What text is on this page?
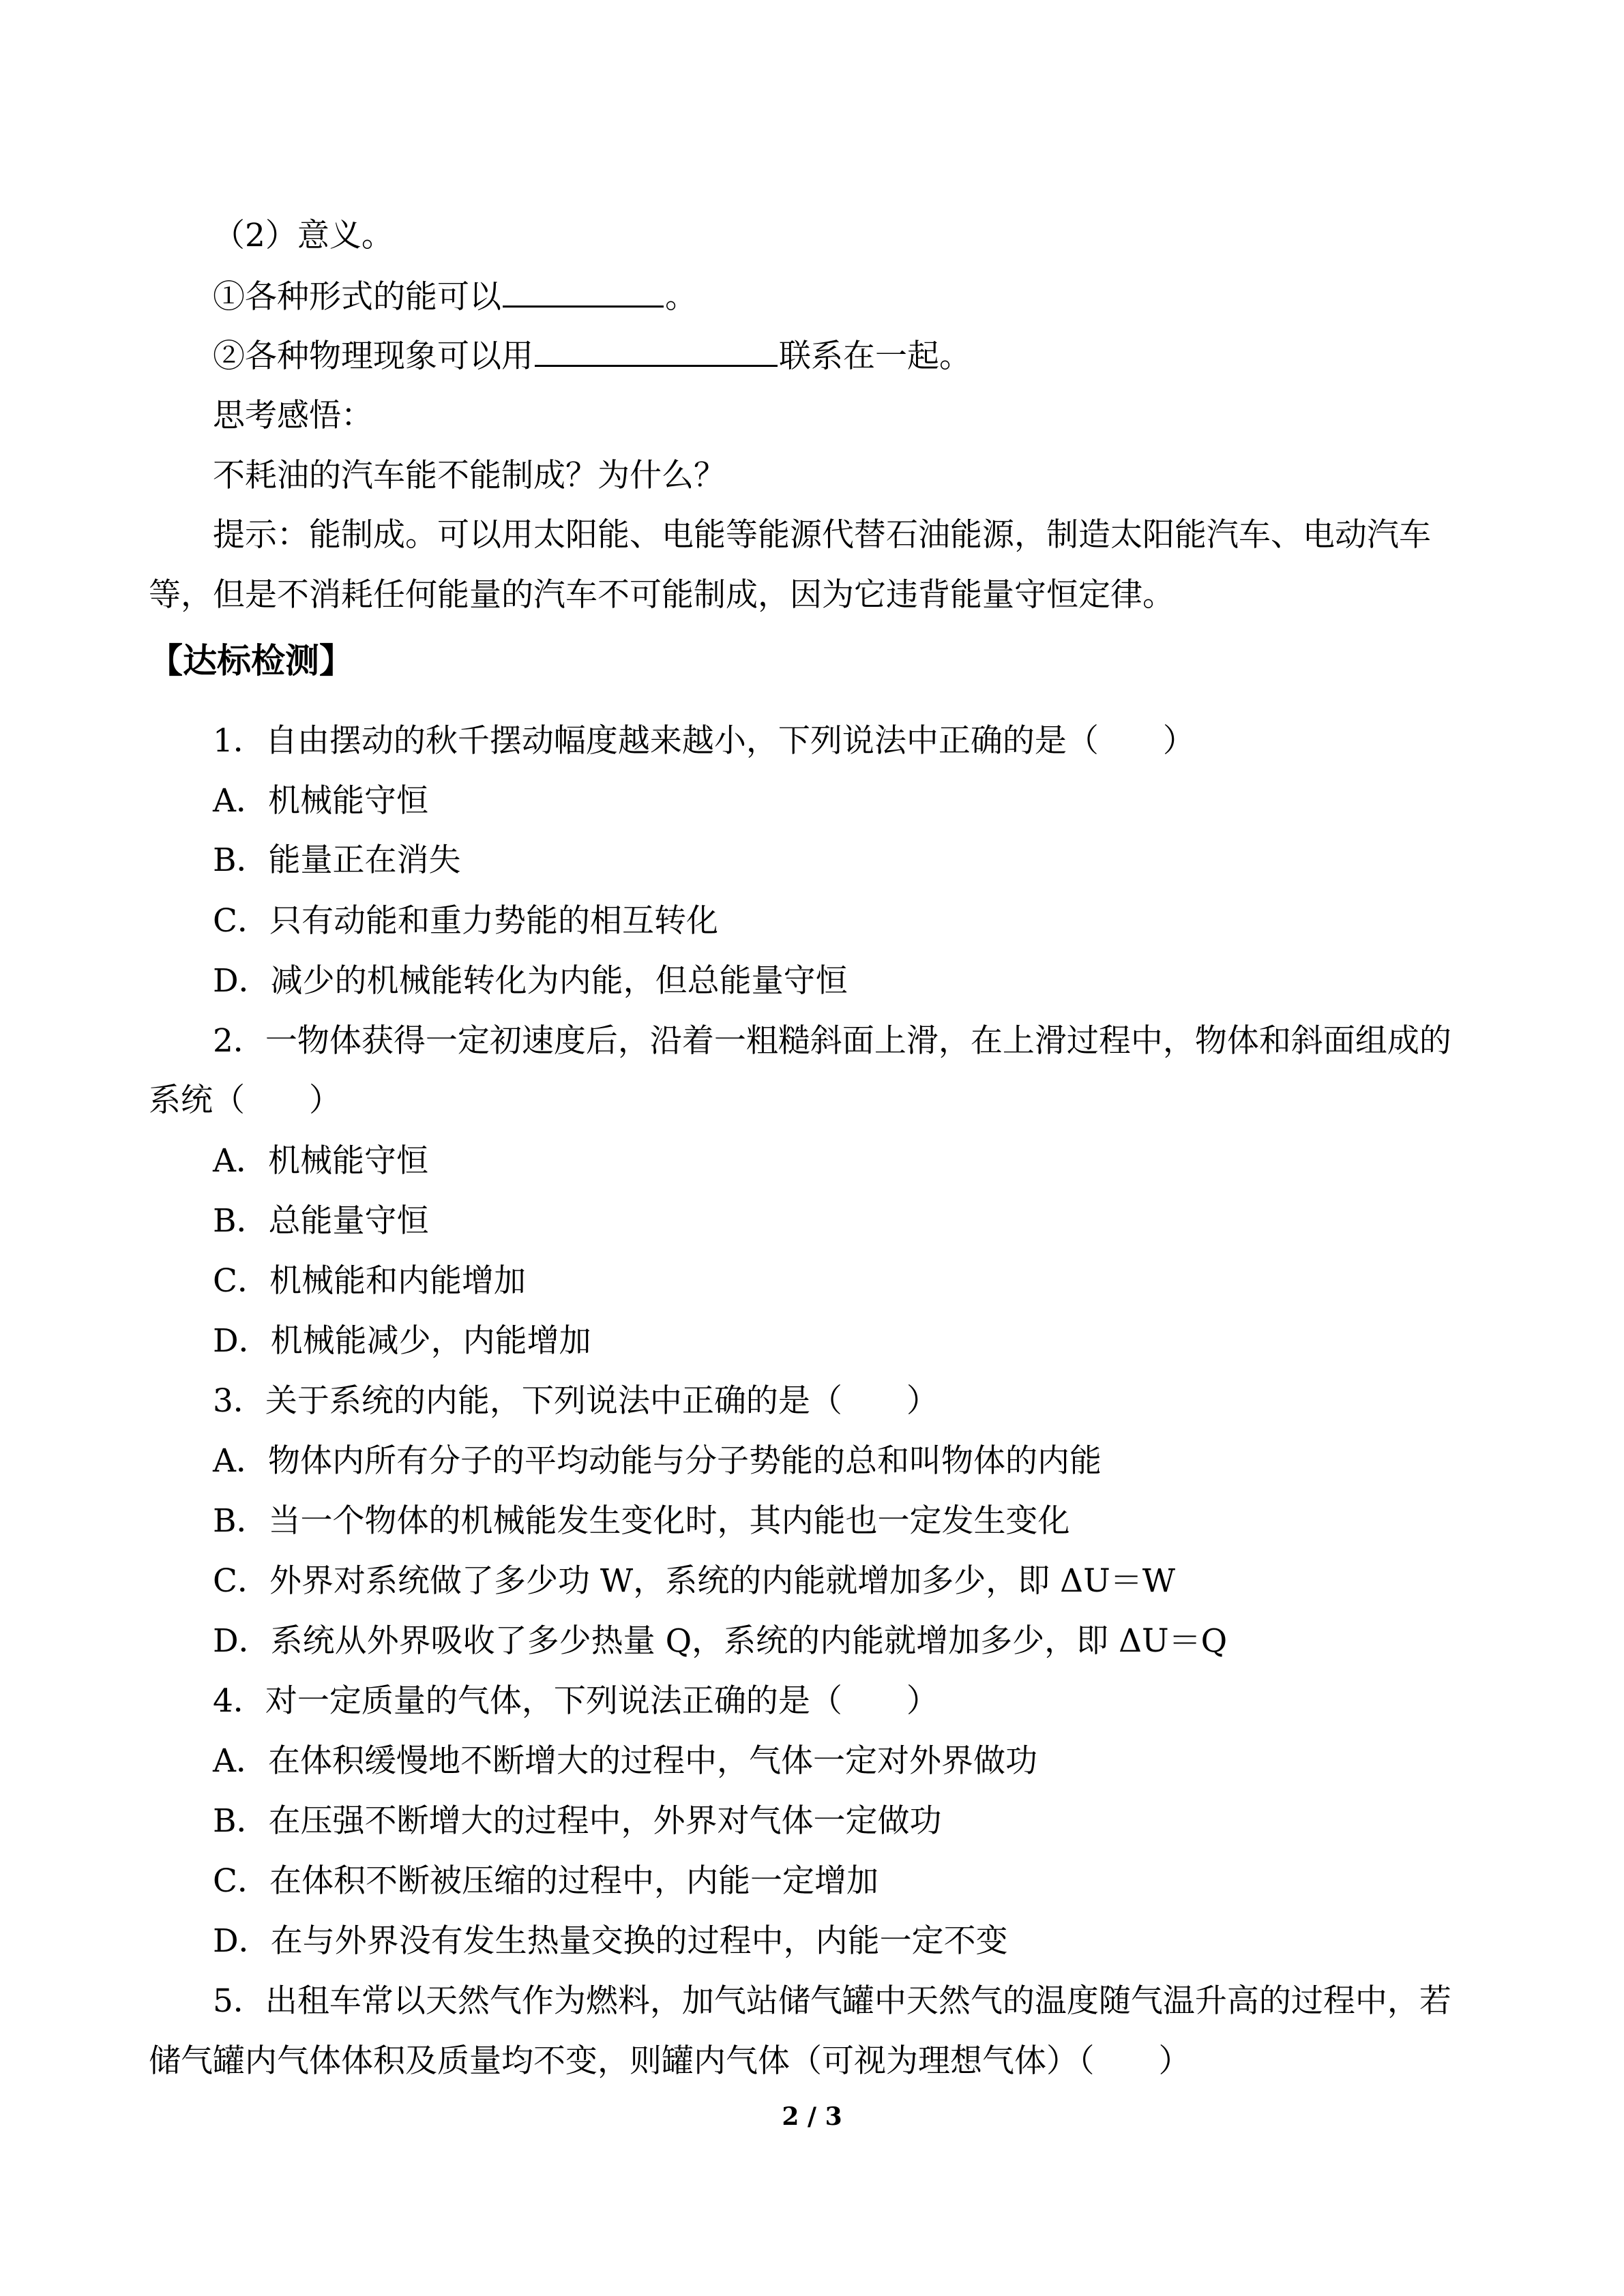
（2）意义。
①各种形式的能可以	。
②各种物理现象可以用	联系在一起。
思考感悟：
不耗油的汽车能不能制成？为什么？
提示：能制成。可以用太阳能、电能等能源代替石油能源，制造太阳能汽车、电动汽车
等，但是不消耗任何能量的汽车不可能制成，因为它违背能量守恒定律。
【达标检测】
1．自由摆动的秋千摆动幅度越来越小，下列说法中正确的是（　　）
A．机械能守恒
B．能量正在消失
C．只有动能和重力势能的相互转化
D．减少的机械能转化为内能，但总能量守恒
2．一物体获得一定初速度后，沿着一粗糙斜面上滑，在上滑过程中，物体和斜面组成的
系统（　　）
A．机械能守恒
B．总能量守恒
C．机械能和内能增加
D．机械能减少，内能增加
3．关于系统的内能，下列说法中正确的是（　　）
A．物体内所有分子的平均动能与分子势能的总和叫物体的内能
B．当一个物体的机械能发生变化时，其内能也一定发生变化
C．外界对系统做了多少功 W，系统的内能就增加多少，即 ΔU＝W
D．系统从外界吸收了多少热量 Q，系统的内能就增加多少，即 ΔU＝Q
4．对一定质量的气体，下列说法正确的是（　　）
A．在体积缓慢地不断增大的过程中，气体一定对外界做功
B．在压强不断增大的过程中，外界对气体一定做功
C．在体积不断被压缩的过程中，内能一定增加
D．在与外界没有发生热量交换的过程中，内能一定不变
5．出租车常以天然气作为燃料，加气站储气罐中天然气的温度随气温升高的过程中，若
储气罐内气体体积及质量均不变，则罐内气体（可视为理想气体）（　　）
2 / 3
